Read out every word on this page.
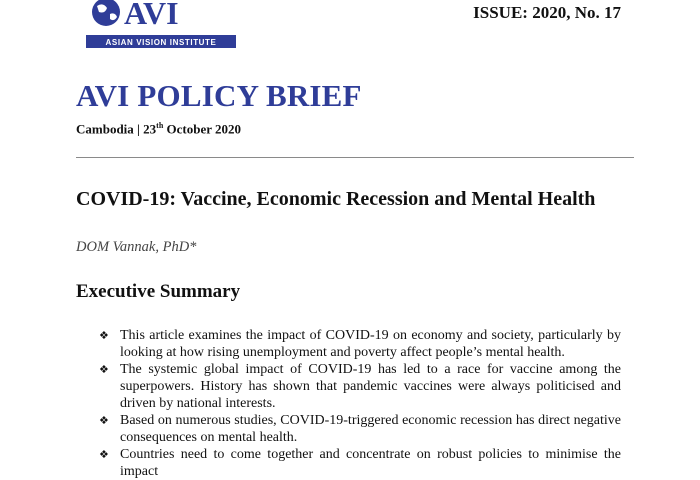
AVI
ASIAN VISION INSTITUTE
ISSUE: 2020, No. 17
AVI POLICY BRIEF
Cambodia | 23th October 2020
COVID-19: Vaccine, Economic Recession and Mental Health
DOM Vannak, PhD*
Executive Summary
❖ This article examines the impact of COVID-19 on economy and society, particularly by looking at how rising unemployment and poverty affect people’s mental health.
❖ The systemic global impact of COVID-19 has led to a race for vaccine among the superpowers. History has shown that pandemic vaccines were always politicised and driven by national interests.
❖ Based on numerous studies, COVID-19-triggered economic recession has direct negative consequences on mental health.
❖ Countries need to come together and concentrate on robust policies to minimise the impact
